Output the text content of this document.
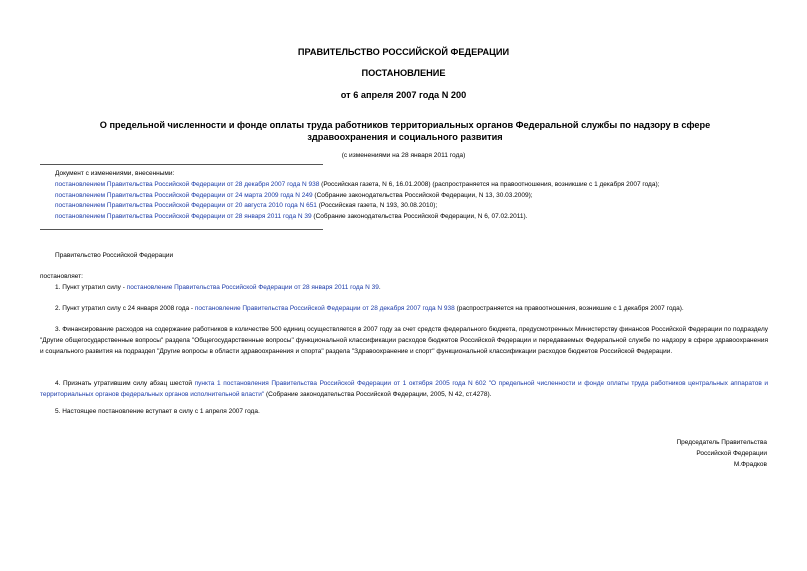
ПРАВИТЕЛЬСТВО РОССИЙСКОЙ ФЕДЕРАЦИИ
ПОСТАНОВЛЕНИЕ
от 6 апреля 2007 года N 200
О предельной численности и фонде оплаты труда работников территориальных органов Федеральной службы по надзору в сфере здравоохранения и социального развития
(с изменениями на 28 января 2011 года)
Документ с изменениями, внесенными:
постановлением Правительства Российской Федерации от 28 декабря 2007 года N 938 (Российская газета, N 6, 16.01.2008) (распространяется на правоотношения, возникшие с 1 декабря 2007 года);
постановлением Правительства Российской Федерации от 24 марта 2009 года N 249 (Собрание законодательства Российской Федерации, N 13, 30.03.2009);
постановлением Правительства Российской Федерации от 20 августа 2010 года N 651 (Российская газета, N 193, 30.08.2010);
постановлением Правительства Российской Федерации от 28 января 2011 года N 39 (Собрание законодательства Российской Федерации, N 6, 07.02.2011).
Правительство Российской Федерации
постановляет:
1. Пункт утратил силу - постановление Правительства Российской Федерации от 28 января 2011 года N 39.
2. Пункт утратил силу с 24 января 2008 года - постановление Правительства Российской Федерации от 28 декабря 2007 года N 938 (распространяется на правоотношения, возникшие с 1 декабря 2007 года).
3. Финансирование расходов на содержание работников в количестве 500 единиц осуществляется в 2007 году за счет средств федерального бюджета, предусмотренных Министерству финансов Российской Федерации по подразделу "Другие общегосударственные вопросы" раздела "Общегосударственные вопросы" функциональной классификации расходов бюджетов Российской Федерации и передаваемых Федеральной службе по надзору в сфере здравоохранения и социального развития на подраздел "Другие вопросы в области здравоохранения и спорта" раздела "Здравоохранение и спорт" функциональной классификации расходов бюджетов Российской Федерации.
4. Признать утратившим силу абзац шестой пункта 1 постановления Правительства Российской Федерации от 1 октября 2005 года N 602 "О предельной численности и фонде оплаты труда работников центральных аппаратов и территориальных органов федеральных органов исполнительной власти" (Собрание законодательства Российской Федерации, 2005, N 42, ст.4278).
5. Настоящее постановление вступает в силу с 1 апреля 2007 года.
Председатель Правительства
Российской Федерации
М.Фрадков
